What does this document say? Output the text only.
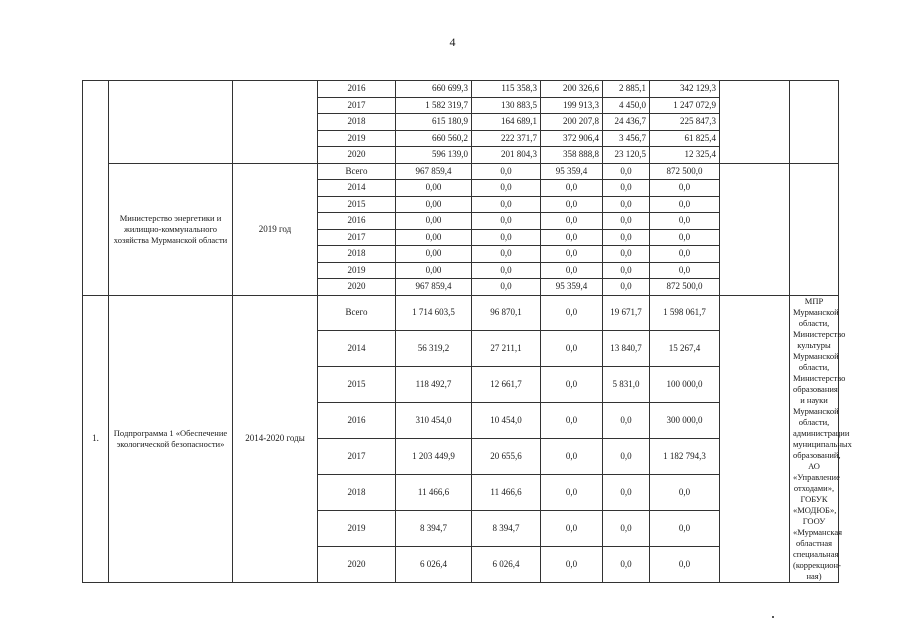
4
			2016	660 699,3	115 358,3	200 326,6	2 885,1	342 129,3		
			2017	1 582 319,7	130 883,5	199 913,3	4 450,0	1 247 072,9		
			2018	615 180,9	164 689,1	200 207,8	24 436,7	225 847,3		
			2019	660 560,2	222 371,7	372 906,4	3 456,7	61 825,4		
			2020	596 139,0	201 804,3	358 888,8	23 120,5	12 325,4		
	Министерство энергетики и жилищно-коммунального хозяйства Мурманской области	2019 год	Всего	967 859,4	0,0	95 359,4	0,0	872 500,0		
			2014	0,00	0,0	0,0	0,0	0,0		
			2015	0,00	0,0	0,0	0,0	0,0		
			2016	0,00	0,0	0,0	0,0	0,0		
			2017	0,00	0,0	0,0	0,0	0,0		
			2018	0,00	0,0	0,0	0,0	0,0		
			2019	0,00	0,0	0,0	0,0	0,0		
			2020	967 859,4	0,0	95 359,4	0,0	872 500,0		
1.	Подпрограмма 1 «Обеспечение экологической безопасности»	2014-2020 годы	Всего	1 714 603,5	96 870,1	0,0	19 671,7	1 598 061,7		МПР Мурманской области, Министерство культуры Мурманской области, Министерство образования и науки Мурманской области, администрации муниципальных образований, АО «Управление отходами», ГОБУК «МОДЮБ», ГООУ «Мурманская областная специальная (коррекцион-ная)
			2014	56 319,2	27 211,1	0,0	13 840,7	15 267,4		
			2015	118 492,7	12 661,7	0,0	5 831,0	100 000,0		
			2016	310 454,0	10 454,0	0,0	0,0	300 000,0		
			2017	1 203 449,9	20 655,6	0,0	0,0	1 182 794,3		
			2018	11 466,6	11 466,6	0,0	0,0	0,0		
			2019	8 394,7	8 394,7	0,0	0,0	0,0		
			2020	6 026,4	6 026,4	0,0	0,0	0,0		
